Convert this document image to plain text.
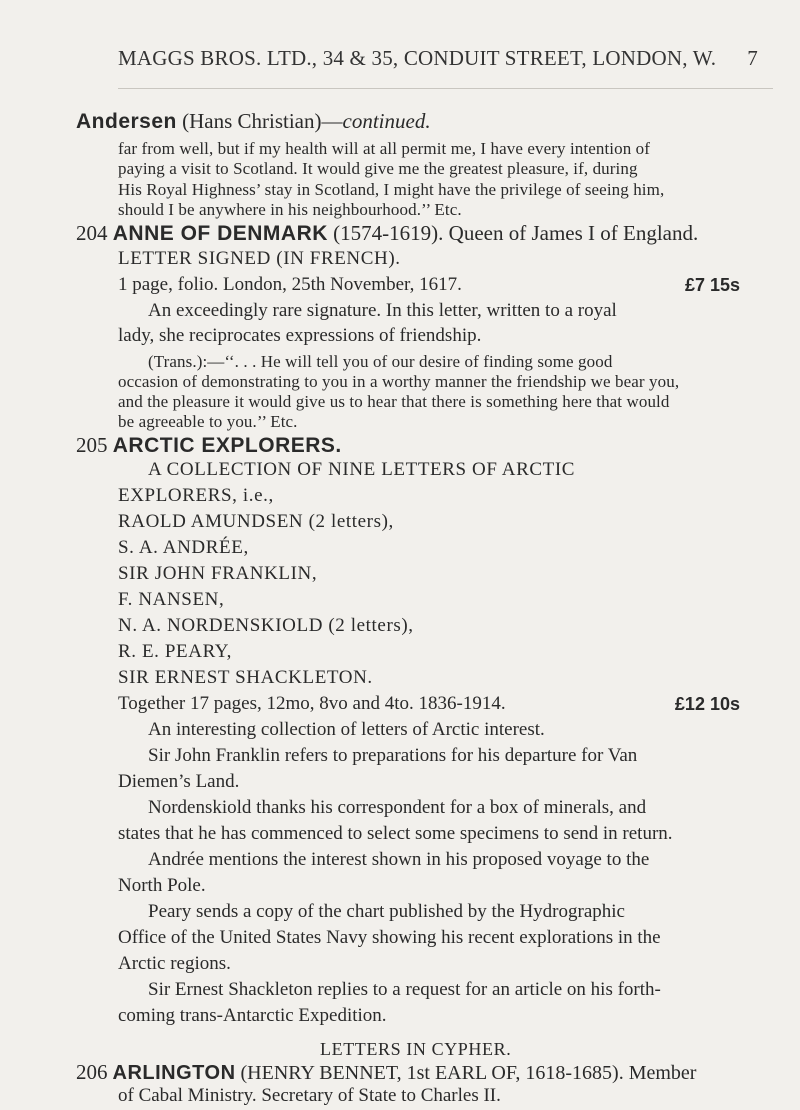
MAGGS BROS. LTD., 34 & 35, CONDUIT STREET, LONDON, W. 7
Andersen (Hans Christian)—continued.
far from well, but if my health will at all permit me, I have every intention of
paying a visit to Scotland. It would give me the greatest pleasure, if, during
His Royal Highness’ stay in Scotland, I might have the privilege of seeing him,
should I be anywhere in his neighbourhood.’’ Etc.
204 ANNE OF DENMARK (1574-1619). Queen of James I of England.
LETTER SIGNED (IN FRENCH).
1 page, folio. London, 25th November, 1617.	£7 15s
An exceedingly rare signature. In this letter, written to a royal
lady, she reciprocates expressions of friendship.
(Trans.):—‘‘. . . He will tell you of our desire of finding some good
occasion of demonstrating to you in a worthy manner the friendship we bear you,
and the pleasure it would give us to hear that there is something here that would
be agreeable to you.’’ Etc.
205 ARCTIC EXPLORERS.
A COLLECTION OF NINE LETTERS OF ARCTIC
EXPLORERS, i.e.,
RAOLD AMUNDSEN (2 letters),
S. A. ANDRÉE,
SIR JOHN FRANKLIN,
F. NANSEN,
N. A. NORDENSKIOLD (2 letters),
R. E. PEARY,
SIR ERNEST SHACKLETON.
Together 17 pages, 12mo, 8vo and 4to. 1836-1914.	£12 10s
An interesting collection of letters of Arctic interest.
Sir John Franklin refers to preparations for his departure for Van
Diemen’s Land.
Nordenskiold thanks his correspondent for a box of minerals, and
states that he has commenced to select some specimens to send in return.
Andrée mentions the interest shown in his proposed voyage to the
North Pole.
Peary sends a copy of the chart published by the Hydrographic
Office of the United States Navy showing his recent explorations in the
Arctic regions.
Sir Ernest Shackleton replies to a request for an article on his forth-
coming trans-Antarctic Expedition.
LETTERS IN CYPHER.
206 ARLINGTON (HENRY BENNET, 1st EARL OF, 1618-1685). Member
of Cabal Ministry. Secretary of State to Charles II.
